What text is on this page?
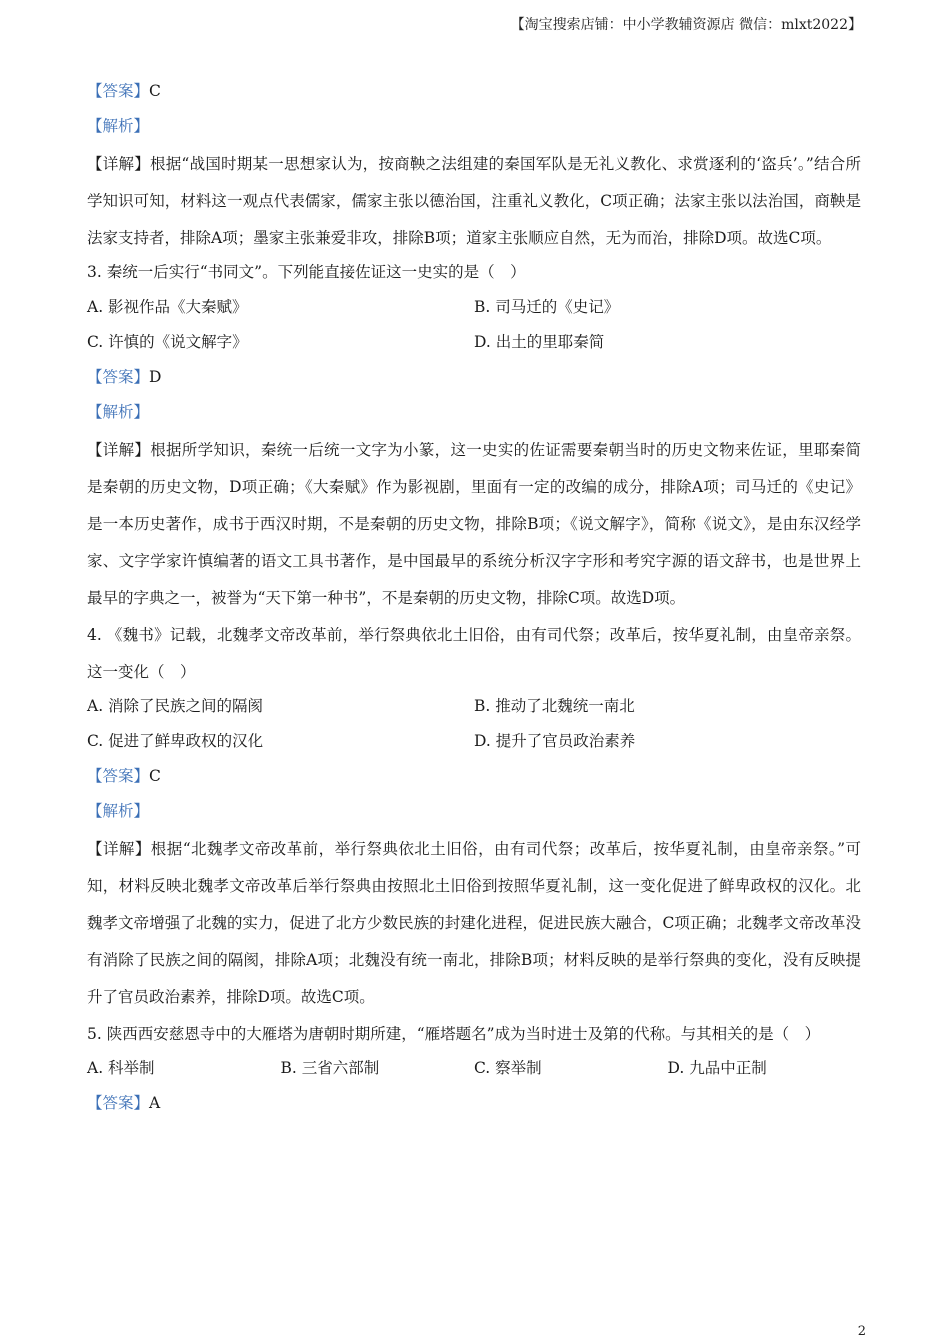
【淘宝搜索店铺：中小学教辅资源店 微信：mlxt2022】

【答案】C

【解析】

【详解】根据“战国时期某一思想家认为，按商鞅之法组建的秦国军队是无礼义教化、求赏逐利的‘盗兵’。”结合所学知识可知，材料这一观点代表儒家，儒家主张以德治国，注重礼义教化，C项正确；法家主张以法治国，商鞅是法家支持者，排除A项；墨家主张兼爱非攻，排除B项；道家主张顺应自然，无为而治，排除D项。故选C项。

3. 秦统一后实行“书同文”。下列能直接佐证这一史实的是（　）

A. 影视作品《大秦赋》	B. 司马迁的《史记》
C. 许慎的《说文解字》	D. 出土的里耶秦简

【答案】D

【解析】

【详解】根据所学知识，秦统一后统一文字为小篆，这一史实的佐证需要秦朝当时的历史文物来佐证，里耶秦简是秦朝的历史文物，D项正确；《大秦赋》作为影视剧，里面有一定的改编的成分，排除A项；司马迁的《史记》是一本历史著作，成书于西汉时期，不是秦朝的历史文物，排除B项；《说文解字》，简称《说文》，是由东汉经学家、文字学家许慎编著的语文工具书著作，是中国最早的系统分析汉字字形和考究字源的语文辞书，也是世界上最早的字典之一，被誉为“天下第一种书”，不是秦朝的历史文物，排除C项。故选D项。

4. 《魏书》记载，北魏孝文帝改革前，举行祭典依北土旧俗，由有司代祭；改革后，按华夏礼制，由皇帝亲祭。这一变化（　）

A. 消除了民族之间的隔阂	B. 推动了北魏统一南北
C. 促进了鲜卑政权的汉化	D. 提升了官员政治素养

【答案】C

【解析】

【详解】根据“北魏孝文帝改革前，举行祭典依北土旧俗，由有司代祭；改革后，按华夏礼制，由皇帝亲祭。”可知，材料反映北魏孝文帝改革后举行祭典由按照北土旧俗到按照华夏礼制，这一变化促进了鲜卑政权的汉化。北魏孝文帝增强了北魏的实力，促进了北方少数民族的封建化进程，促进民族大融合，C项正确；北魏孝文帝改革没有消除了民族之间的隔阂，排除A项；北魏没有统一南北，排除B项；材料反映的是举行祭典的变化，没有反映提升了官员政治素养，排除D项。故选C项。

5. 陕西西安慈恩寺中的大雁塔为唐朝时期所建，“雁塔题名”成为当时进士及第的代称。与其相关的是（　）

A. 科举制	B. 三省六部制	C. 察举制	D. 九品中正制

【答案】A

2
